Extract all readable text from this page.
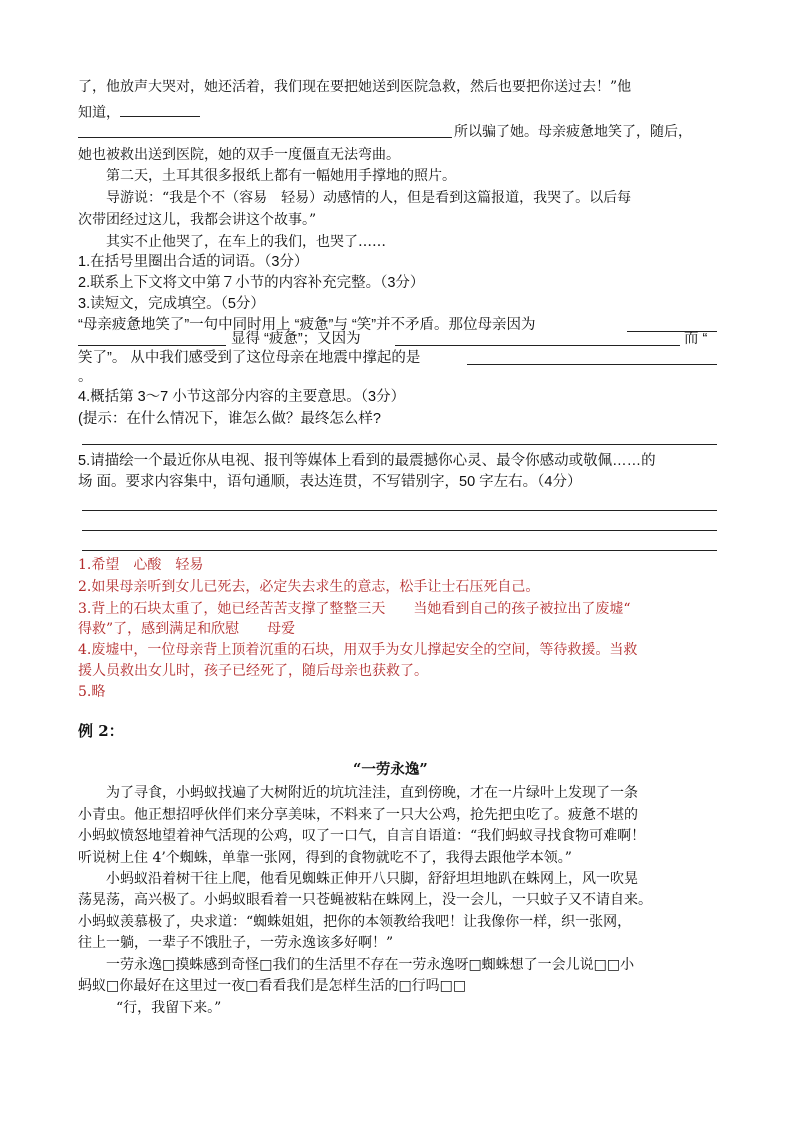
了，他放声大哭对，她还活着，我们现在要把她送到医院急救，然后也要把你送过去！”他
知道，
所以骗了她。母亲疲惫地笑了，随后，
她也被救出送到医院，她的双手一度僵直无法弯曲。
第二天，土耳其很多报纸上都有一幅她用手撑地的照片。
导游说：“我是个不（容易　轻易）动感情的人，但是看到这篇报道，我哭了。以后每
次带团经过这儿，我都会讲这个故事。”
其实不止他哭了，在车上的我们，也哭了……
1.在括号里圈出合适的词语。（3分）
2.联系上下文将文中第７小节的内容补充完整。（3分）
3.读短文，完成填空。（5分）
“母亲疲惫地笑了”一句中同时用上 “疲惫”与 “笑”并不矛盾。那位母亲因为
显得 “疲惫”；又因为	而 “
笑了”。 从中我们感受到了这位母亲在地震中撑起的是
。
4.概括第 3～7 小节这部分内容的主要意思。（3分）
(提示：在什么情况下，谁怎么做？最终怎么样?
5.请描绘一个最近你从电视、报刊等媒体上看到的最震撼你心灵、最令你感动或敬佩……的
场 面。要求内容集中，语句通顺，表达连贯，不写错别字，50 字左右。（4分）
1.希望　心酸　轻易
2.如果母亲听到女儿已死去，必定失去求生的意志，松手让士石压死自己。
3.背上的石块太重了，她已经苦苦支撑了整整三天　　当她看到自己的孩子被拉出了废墟“
得救”了，感到满足和欣慰　　母爱
4.废墟中，一位母亲背上顶着沉重的石块，用双手为女儿撑起安全的空间，等待救援。当救
援人员救出女儿时，孩子已经死了，随后母亲也获救了。
5.略
例 2：
“一劳永逸”
为了寻食，小蚂蚁找遍了大树附近的坑坑洼洼，直到傍晚，才在一片绿叶上发现了一条
小青虫。他正想招呼伙伴们来分享美味，不料来了一只大公鸡，抢先把虫吃了。疲惫不堪的
小蚂蚁愤怒地望着神气活现的公鸡，叹了一口气，自言自语道：“我们蚂蚁寻找食物可难啊！
听说树上住 4’个蜘蛛，单靠一张网，得到的食物就吃不了，我得去跟他学本领。”
小蚂蚁沿着树干往上爬，他看见蜘蛛正伸开八只脚，舒舒坦坦地趴在蛛网上，风一吹晃
荡晃荡，高兴极了。小蚂蚁眼看着一只苍蝇被粘在蛛网上，没一会儿，一只蚊子又不请自来。
小蚂蚁羡慕极了，央求道：“蜘蛛姐姐，把你的本领教给我吧！让我像你一样，织一张网，
往上一躺，一辈子不饿肚子，一劳永逸该多好啊！”
一劳永逸□摸蛛感到奇怪□我们的生活里不存在一劳永逸呀□蜘蛛想了一会儿说□□小
蚂蚁□你最好在这里过一夜□看看我们是怎样生活的□行吗□□
“行，我留下来。”
